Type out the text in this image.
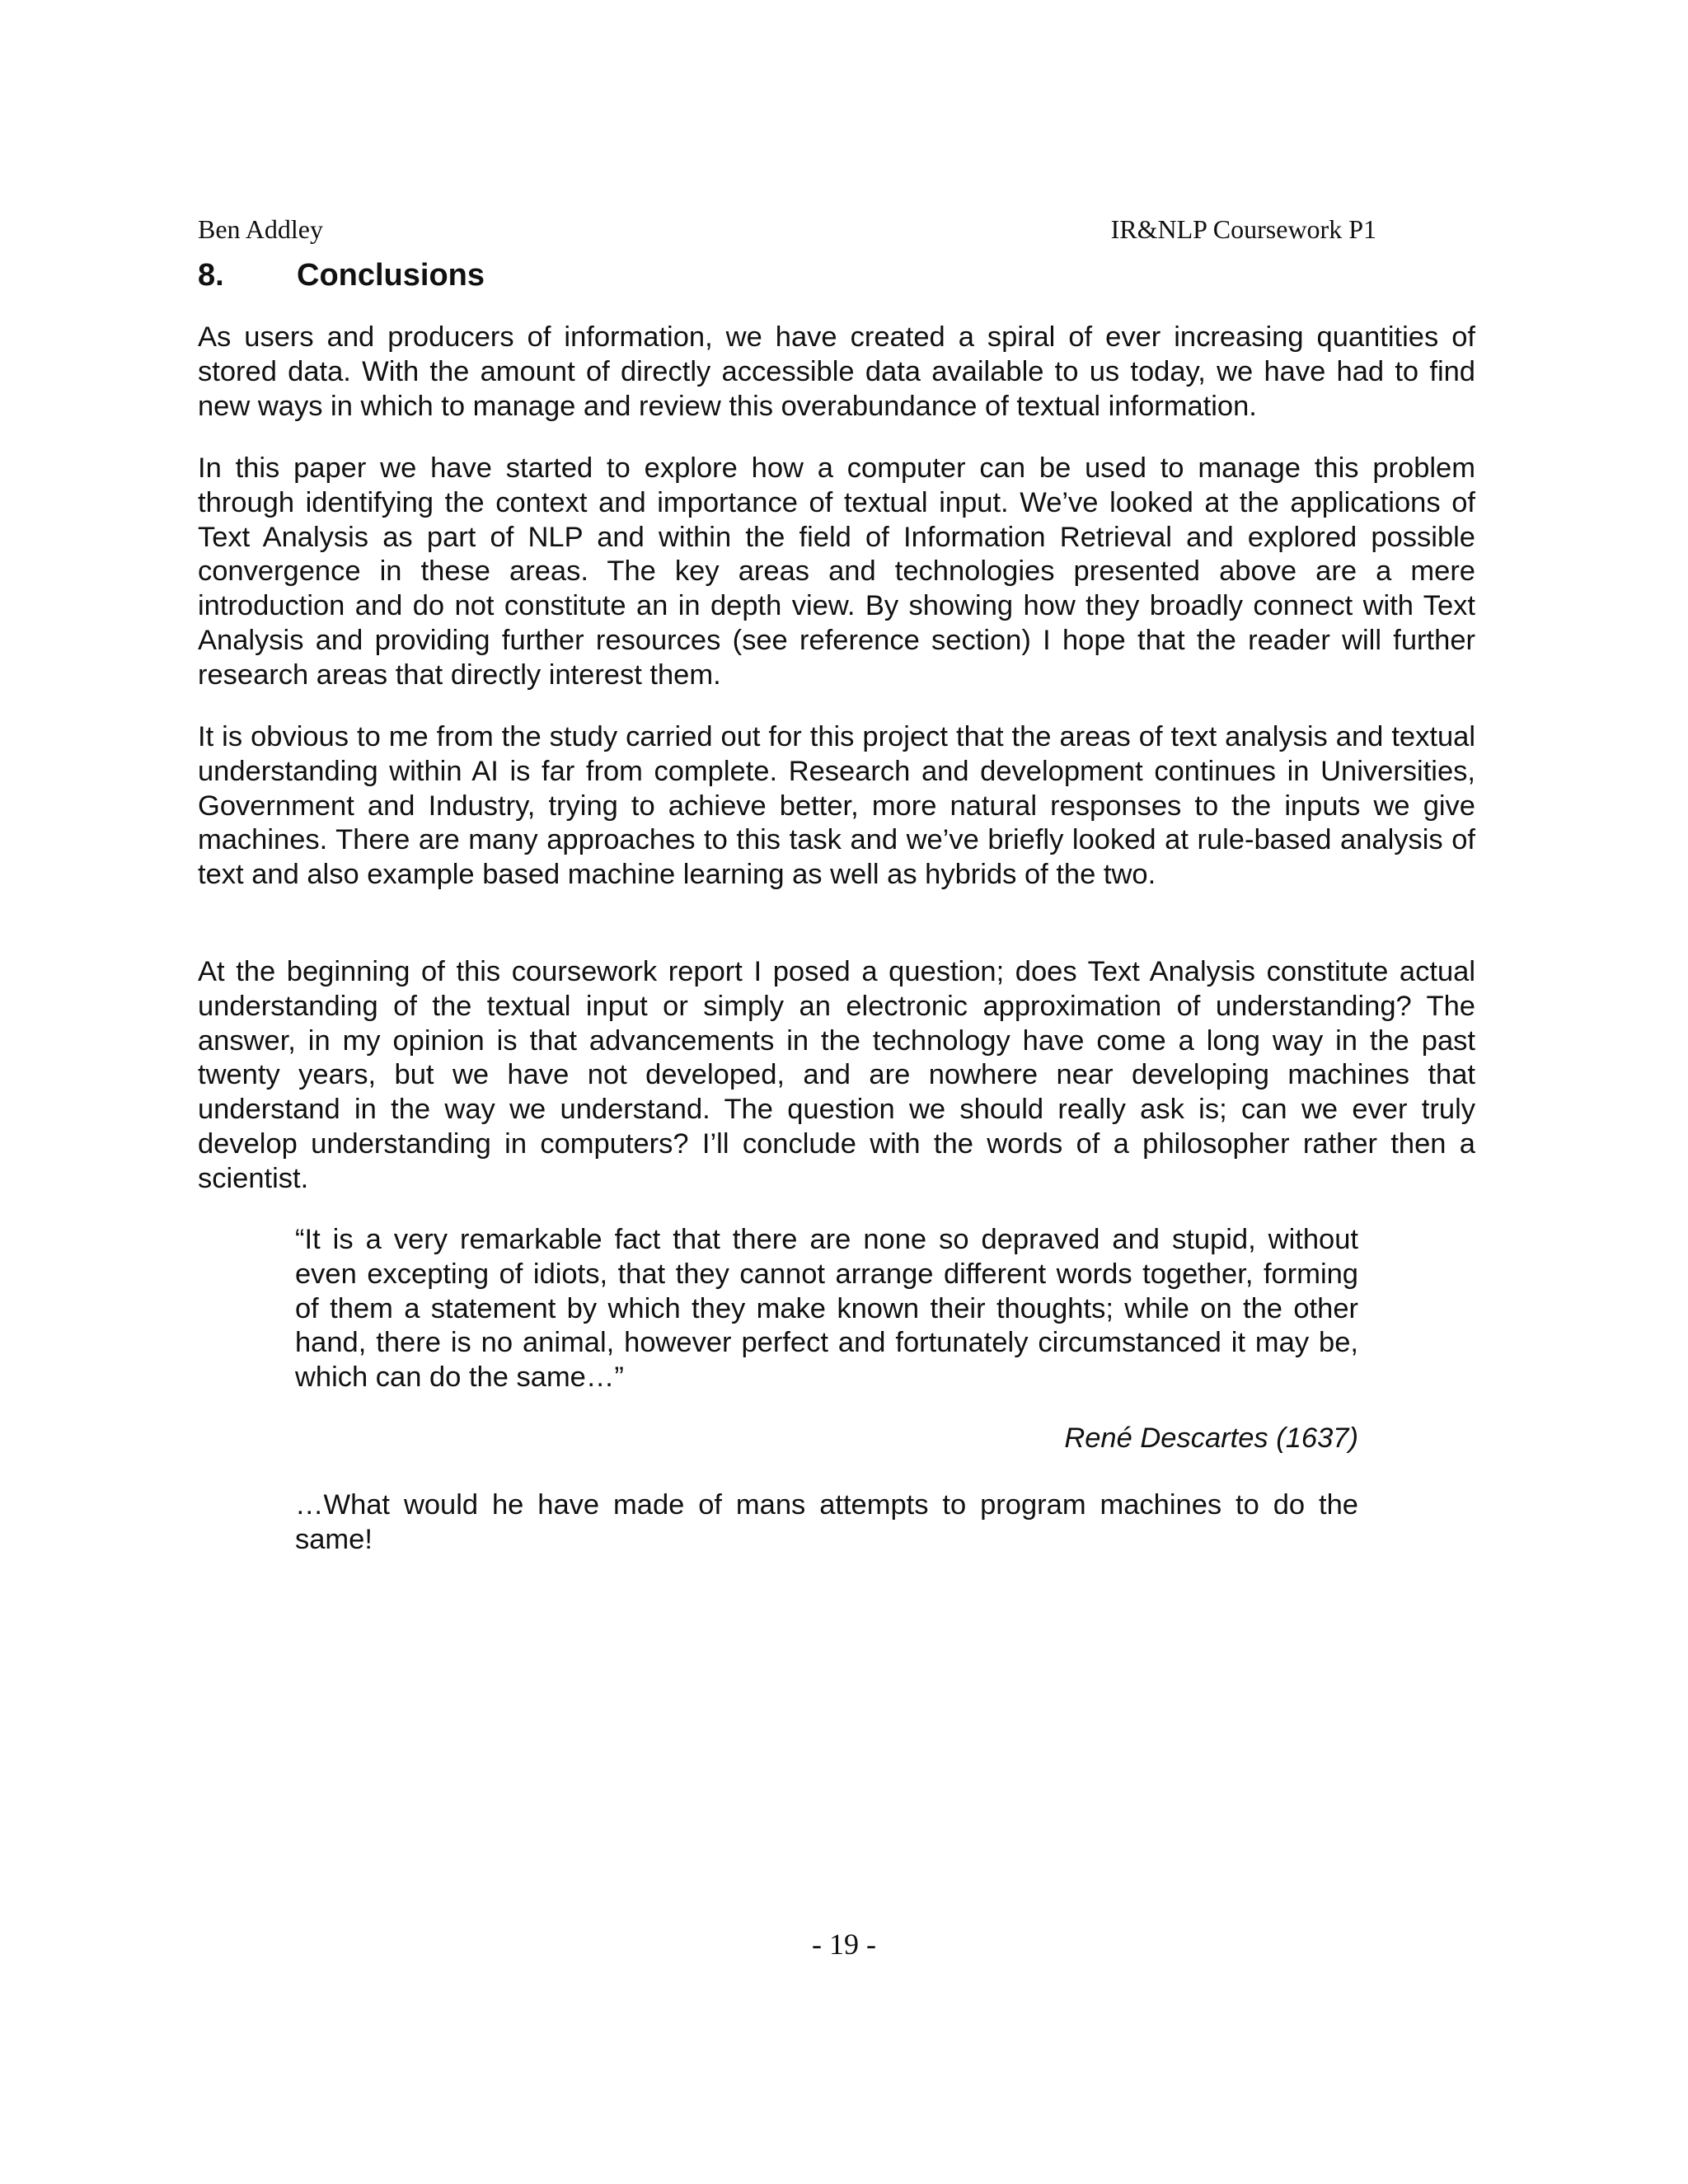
Ben Addley	IR&NLP Coursework P1
8. Conclusions

As users and producers of information, we have created a spiral of ever increasing quantities of stored data. With the amount of directly accessible data available to us today, we have had to find new ways in which to manage and review this overabundance of textual information.

In this paper we have started to explore how a computer can be used to manage this problem through identifying the context and importance of textual input. We’ve looked at the applications of Text Analysis as part of NLP and within the field of Information Retrieval and explored possible convergence in these areas. The key areas and technologies presented above are a mere introduction and do not constitute an in depth view. By showing how they broadly connect with Text Analysis and providing further resources (see reference section) I hope that the reader will further research areas that directly interest them.

It is obvious to me from the study carried out for this project that the areas of text analysis and textual understanding within AI is far from complete. Research and development continues in Universities, Government and Industry, trying to achieve better, more natural responses to the inputs we give machines. There are many approaches to this task and we’ve briefly looked at rule-based analysis of text and also example based machine learning as well as hybrids of the two.

At the beginning of this coursework report I posed a question; does Text Analysis constitute actual understanding of the textual input or simply an electronic approximation of understanding? The answer, in my opinion is that advancements in the technology have come a long way in the past twenty years, but we have not developed, and are nowhere near developing machines that understand in the way we understand. The question we should really ask is; can we ever truly develop understanding in computers? I’ll conclude with the words of a philosopher rather then a scientist.

“It is a very remarkable fact that there are none so depraved and stupid, without even excepting of idiots, that they cannot arrange different words together, forming of them a statement by which they make known their thoughts; while on the other hand, there is no animal, however perfect and fortunately circumstanced it may be, which can do the same…”

René Descartes (1637)

…What would he have made of mans attempts to program machines to do the same!

- 19 -
